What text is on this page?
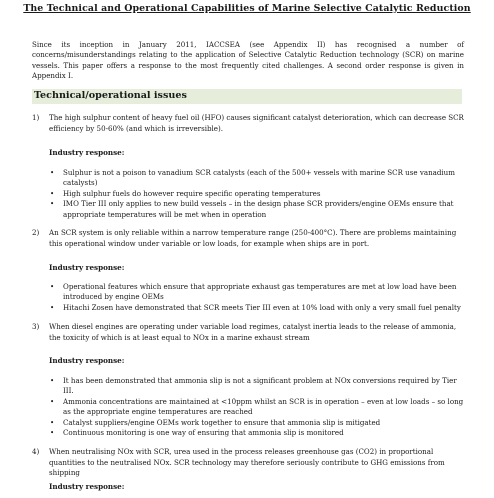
The Technical and Operational Capabilities of Marine Selective Catalytic Reduction
Since its inception in January 2011, IACCSEA (see Appendix II) has recognised a number of concerns/misunderstandings relating to the application of Selective Catalytic Reduction technology (SCR) on marine vessels. This paper offers a response to the most frequently cited challenges. A second order response is given in Appendix I.
Technical/operational issues
1) The high sulphur content of heavy fuel oil (HFO) causes significant catalyst deterioration, which can decrease SCR efficiency by 50-60% (and which is irreversible).
Industry response:
• Sulphur is not a poison to vanadium SCR catalysts (each of the 500+ vessels with marine SCR use vanadium catalysts)
• High sulphur fuels do however require specific operating temperatures
• IMO Tier III only applies to new build vessels – in the design phase SCR providers/engine OEMs ensure that appropriate temperatures will be met when in operation
2) An SCR system is only reliable within a narrow temperature range (250-400°C). There are problems maintaining this operational window under variable or low loads, for example when ships are in port.
Industry response:
• Operational features which ensure that appropriate exhaust gas temperatures are met at low load have been introduced by engine OEMs
• Hitachi Zosen have demonstrated that SCR meets Tier III even at 10% load with only a very small fuel penalty
3) When diesel engines are operating under variable load regimes, catalyst inertia leads to the release of ammonia, the toxicity of which is at least equal to NOx in a marine exhaust stream
Industry response:
• It has been demonstrated that ammonia slip is not a significant problem at NOx conversions required by Tier III.
• Ammonia concentrations are maintained at <10ppm whilst an SCR is in operation – even at low loads – so long as the appropriate engine temperatures are reached
• Catalyst suppliers/engine OEMs work together to ensure that ammonia slip is mitigated
• Continuous monitoring is one way of ensuring that ammonia slip is monitored
4) When neutralising NOx with SCR, urea used in the process releases greenhouse gas (CO2) in proportional quantities to the neutralised NOx. SCR technology may therefore seriously contribute to GHG emissions from shipping
Industry response:
